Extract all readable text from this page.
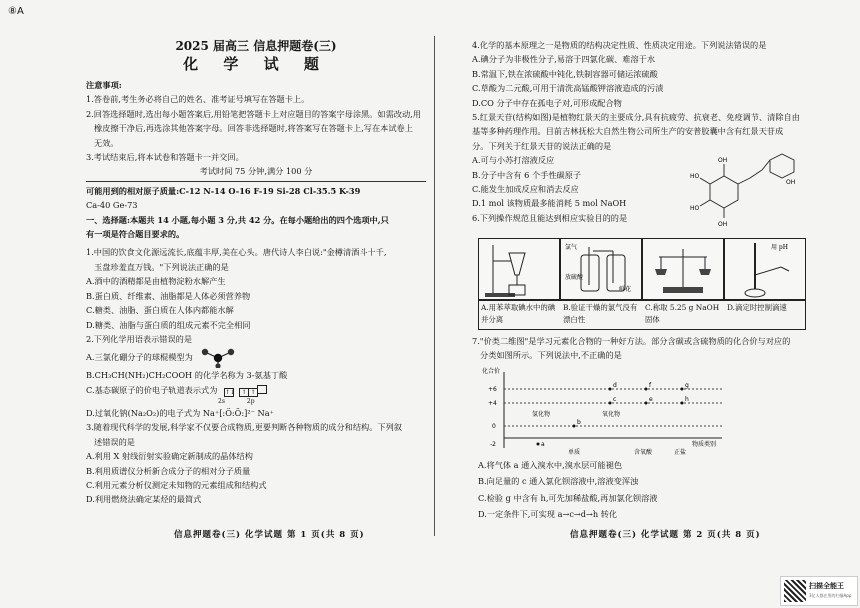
⑧A
2025 届高三 信息押题卷(三)
化 学 试 题
注意事项:
1.答卷前,考生务必将自己的姓名、准考证号填写在答题卡上。
2.回答选择题时,选出每小题答案后,用铅笔把答题卡上对应题目的答案字母涂黑。如需改动,用
橡皮擦干净后,再选涂其他答案字母。回答非选择题时,将答案写在答题卡上,写在本试卷上
无效。
3.考试结束后,将本试卷和答题卡一并交回。
考试时间 75 分钟,满分 100 分
可能用到的相对原子质量:C-12 N-14 O-16 F-19 Si-28 Cl-35.5 K-39
Ca-40 Ge-73
一、选择题:本题共 14 小题,每小题 3 分,共 42 分。在每小题给出的四个选项中,只
有一项是符合题目要求的。
1.中国的饮食文化源远流长,底蕴丰厚,美在心头。唐代诗人李白说:"金樽清酒斗十千,
玉盘珍羞直万钱。"下列说法正确的是
A.酒中的酒精都是由植物淀粉水解产生
B.蛋白质、纤维素、油脂都是人体必须营养物
C.糖类、油脂、蛋白质在人体内都能水解
D.糖类、油脂与蛋白质的组成元素不完全相同
2.下列化学用语表示错误的是
A.三氯化硼分子的球棍模型为
B.CH₃CH(NH₂)CH₂COOH 的化学名称为 3-氨基丁酸
C.基态碳原子的价电子轨道表示式为 ↑↓ ↑ ↑
2s	2p
D.过氧化钠(Na₂O₂)的电子式为 Na⁺[:Ö:Ö:]²⁻ Na⁺
3.随着现代科学的发展,科学家不仅要合成物质,更要判断各种物质的成分和结构。下列叙
述错误的是
A.利用 X 射线衍射实验确定新制成的晶体结构
B.利用质谱仪分析新合成分子的相对分子质量
C.利用元素分析仪测定未知物的元素组成和结构式
D.利用燃烧法确定某烃的最简式
信息押题卷(三) 化学试题 第 1 页(共 8 页)
4.化学的基本原理之一是物质的结构决定性质、性质决定用途。下列说法错误的是
A.碘分子为非极性分子,易溶于四氯化碳、难溶于水
B.常温下,铁在浓硫酸中钝化,铁制容器可储运浓硫酸
C.草酸为二元酸,可用于清洗高锰酸钾溶液造成的污渍
D.CO 分子中存在孤电子对,可形成配合物
5.红景天苷(结构如图)是植物红景天的主要成分,具有抗疲劳、抗衰老、免疫调节、清除自由
基等多种药理作用。目前吉林抚松大自然生物公司所生产的安普胶囊中含有红景天苷成
分。下列关于红景天苷的说法正确的是
A.可与小苏打溶液反应
B.分子中含有 6 个手性碳原子
C.能发生加成反应和消去反应
D.1 mol 该物质最多能消耗 5 mol NaOH
6.下列操作规范且能达到相应实验目的的是
HO
HO
OH
OH
OH
氯气
放硫酸
鲜花
用 pH
A.用苯萃取碘水中的碘并分离
B.验证干燥的氯气没有漂白性
C.称取 5.25 g NaOH 固体
D.滴定时控制滴速
7."价类二维图"是学习元素化合物的一种好方法。部分含碳或含硫物质的化合价与对应的
分类如图所示。下列说法中,不正确的是
化合价
+6
+4
0
-2	a
b
c
d
e
f	g
h
氢化物
单质
氧化物
含氧酸	正盐
物质类别
A.将气体 a 通入溴水中,溴水层可能褪色
B.向足量的 c 通入氯化钡溶液中,溶液变浑浊
C.检验 g 中含有 h,可先加稀盐酸,再加氯化钡溶液
D.一定条件下,可实现 a→c→d→h 转化
信息押题卷(三) 化学试题 第 2 页(共 8 页)
扫描全能王
3亿人都在用的扫描App
